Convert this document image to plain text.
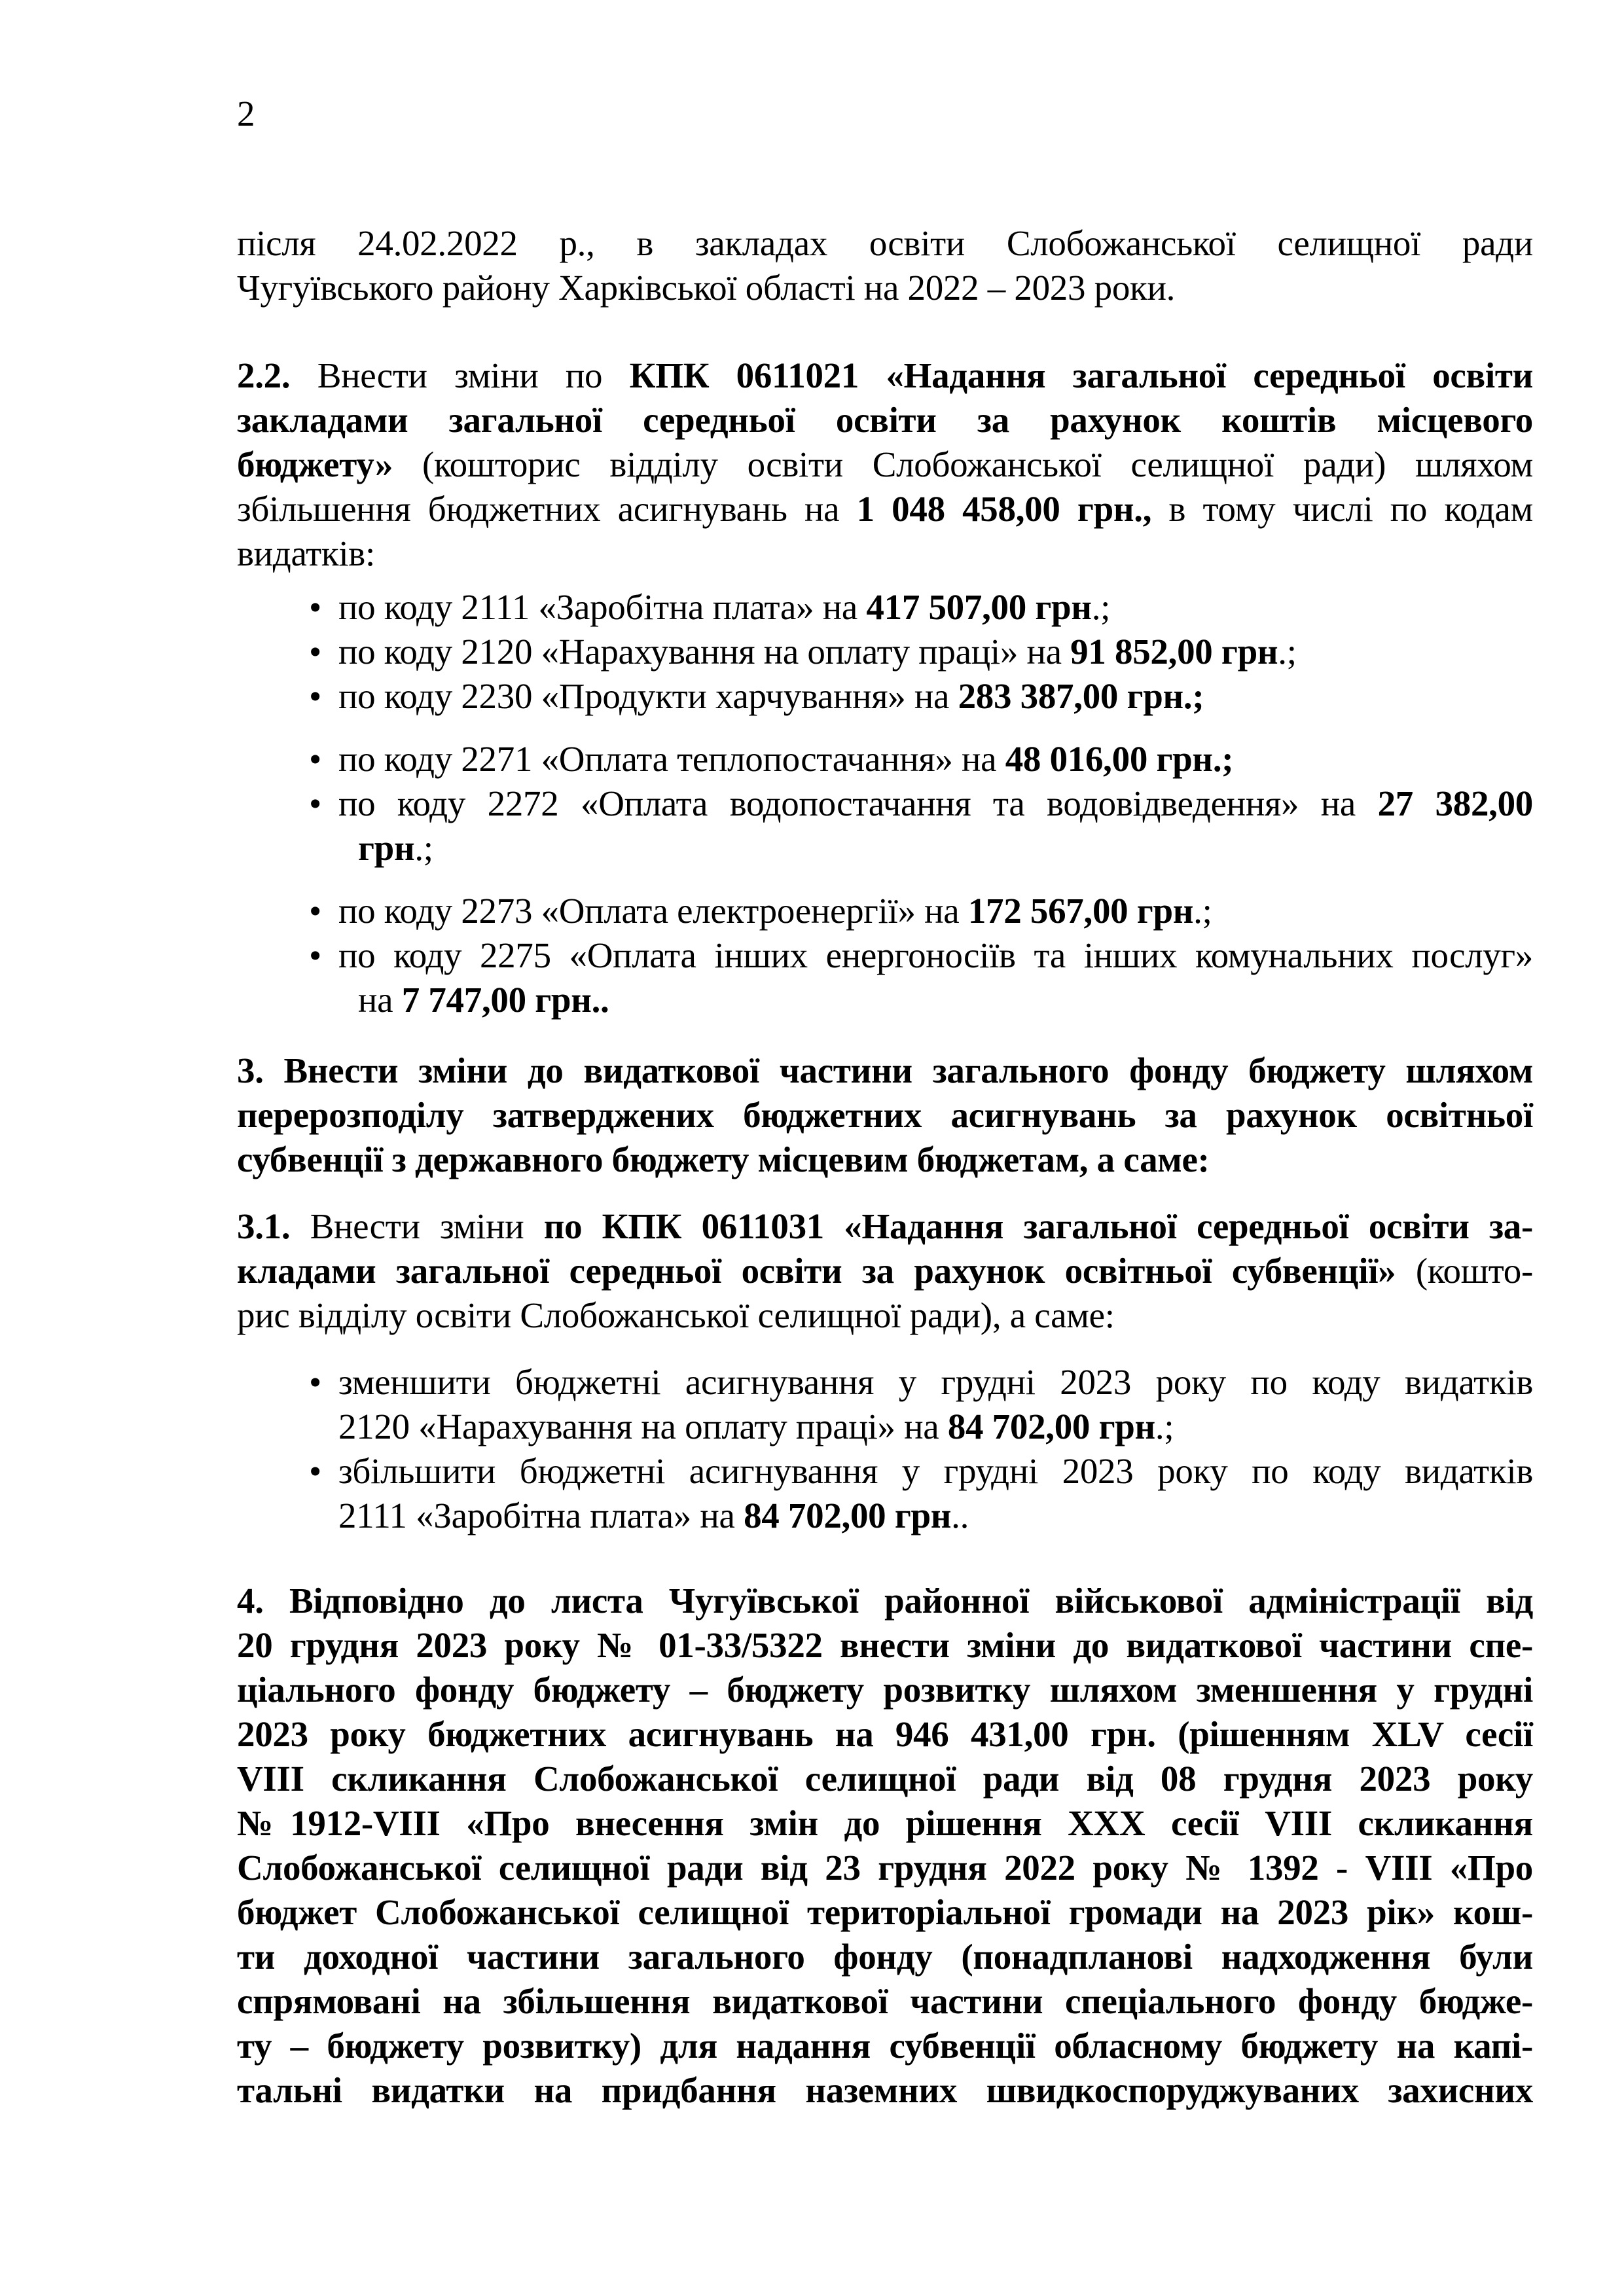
2
після 24.02.2022 р., в закладах освіти Слобожанської селищної ради
Чугуївського району Харківської області на 2022 – 2023 роки.
2.2. Внести зміни по КПК 0611021 «Надання загальної середньої освіти
закладами загальної середньої освіти за рахунок коштів місцевого
бюджету» (кошторис відділу освіти Слобожанської селищної ради) шляхом
збільшення бюджетних асигнувань на 1 048 458,00 грн., в тому числі по кодам
видатків:
• по коду 2111 «Заробітна плата» на 417 507,00 грн.;
• по коду 2120 «Нарахування на оплату праці» на 91 852,00 грн.;
• по коду 2230 «Продукти харчування» на 283 387,00 грн.;
• по коду 2271 «Оплата теплопостачання» на 48 016,00 грн.;
• по коду 2272 «Оплата водопостачання та водовідведення» на 27 382,00
грн.;
• по коду 2273 «Оплата електроенергії» на 172 567,00 грн.;
• по коду 2275 «Оплата інших енергоносіїв та інших комунальних послуг»
на 7 747,00 грн..
3. Внести зміни до видаткової частини загального фонду бюджету шляхом
перерозподілу затверджених бюджетних асигнувань за рахунок освітньої
субвенції з державного бюджету місцевим бюджетам, а саме:
3.1. Внести зміни по КПК 0611031 «Надання загальної середньої освіти за-
кладами загальної середньої освіти за рахунок освітньої субвенції» (кошто-
рис відділу освіти Слобожанської селищної ради), а саме:
• зменшити бюджетні асигнування у грудні 2023 року по коду видатків
2120 «Нарахування на оплату праці» на 84 702,00 грн.;
• збільшити бюджетні асигнування у грудні 2023 року по коду видатків
2111 «Заробітна плата» на 84 702,00 грн..
4. Відповідно до листа Чугуївської районної військової адміністрації від
20 грудня 2023 року № 01-33/5322 внести зміни до видаткової частини спе-
ціального фонду бюджету – бюджету розвитку шляхом зменшення у грудні
2023 року бюджетних асигнувань на 946 431,00 грн. (рішенням XLV сесії
VIII скликання Слобожанської селищної ради від 08 грудня 2023 року
№1912-VIII «Про внесення змін до рішення XXX сесії VIII скликання
Слобожанської селищної ради від 23 грудня 2022 року № 1392 - VIII «Про
бюджет Слобожанської селищної територіальної громади на 2023 рік» кош-
ти доходної частини загального фонду (понадпланові надходження були
спрямовані на збільшення видаткової частини спеціального фонду бюдже-
ту – бюджету розвитку) для надання субвенції обласному бюджету на капі-
тальні видатки на придбання наземних швидкоспоруджуваних захисних
